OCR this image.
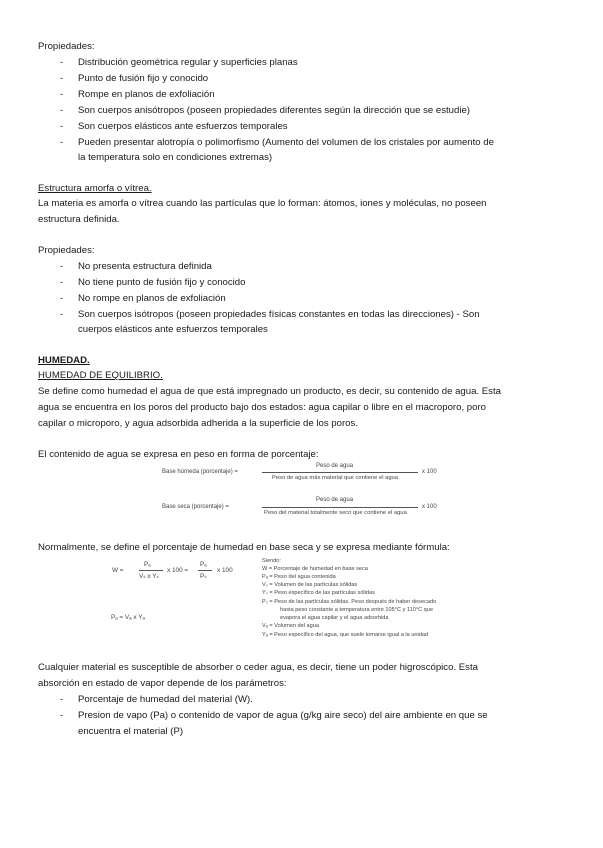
Propiedades:
- Distribución geométrica regular y superficies planas
- Punto de fusión fijo y conocido
- Rompe en planos de exfoliación
- Son cuerpos anisótropos (poseen propiedades diferentes según la dirección que se estudie)
- Son cuerpos elásticos ante esfuerzos temporales
- Pueden presentar alotropía o polimorfismo (Aumento del volumen de los cristales por aumento de
la temperatura solo en condiciones extremas)
Estructura amorfa o vítrea.
La materia es amorfa o vítrea cuando las partículas que lo forman: átomos, iones y moléculas, no poseen
estructura definida.
Propiedades:
- No presenta estructura definida
- No tiene punto de fusión fijo y conocido
- No rompe en planos de exfoliación
- Son cuerpos isótropos (poseen propiedades físicas constantes en todas las direcciones) - Son
cuerpos elásticos ante esfuerzos temporales
HUMEDAD.
HUMEDAD DE EQUILIBRIO.
Se define como humedad el agua de que está impregnado un producto, es decir, su contenido de agua. Esta
agua se encuentra en los poros del producto bajo dos estados: agua capilar o libre en el macroporo, poro
capilar o microporo, y agua adsorbida adherida a la superficie de los poros.
El contenido de agua se expresa en peso en forma de porcentaje:
Base húmeda (porcentaje) =
Peso de agua
Peso de agua más material que contiene el agua
x 100
Base seca (porcentaje) =
Peso de agua
Peso del material totalmente seco que contiene el agua
x 100
Normalmente, se define el porcentaje de humedad en base seca y se expresa mediante fórmula:
W =
Pₐ
Vₛ x Yₛ
x 100 =
Pₐ
Pₛ
x 100
Pₐ = Vₐ x Yₐ
Siendo:
W = Porcentaje de humedad en base seca
Pₐ = Peso del agua contenida
Vₛ = Volumen de las partículas sólidas
Yₛ = Peso específico de las partículas sólidas
Pₛ = Peso de las partículas sólidas. Peso después de haber desecado
hasta peso constante a temperatura entre 105°C y 110°C que
evapora el agua capilar y el agua adsorbida
Vₐ = Volumen del agua
Yₐ = Peso específico del agua, que suele tomarse igual a la unidad
Cualquier material es susceptible de absorber o ceder agua, es decir, tiene un poder higroscópico. Esta
absorción en estado de vapor depende de los parámetros:
- Porcentaje de humedad del material (W).
- Presion de vapo (Pa) o contenido de vapor de agua (g/kg aire seco) del aire ambiente en que se
encuentra el material (P)
